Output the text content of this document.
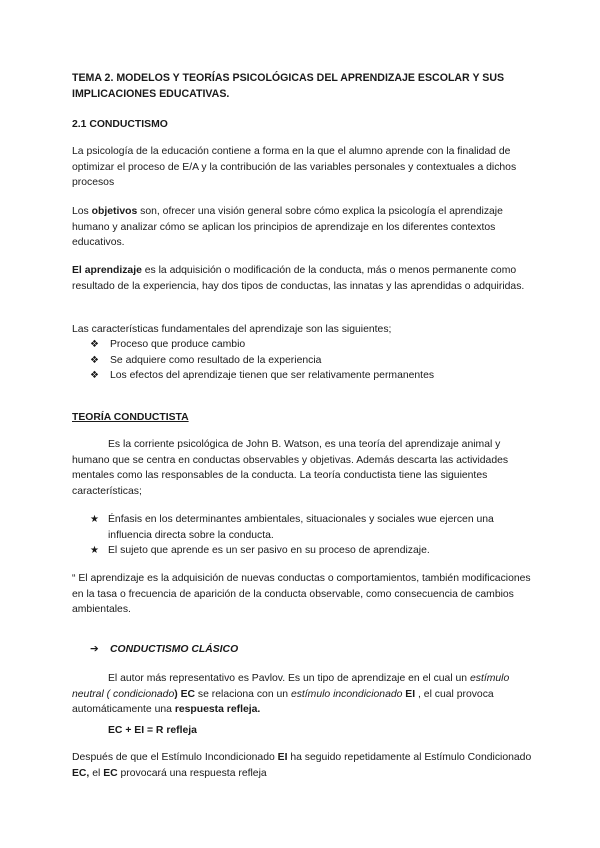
TEMA 2. MODELOS Y TEORÍAS PSICOLÓGICAS DEL APRENDIZAJE ESCOLAR Y SUS IMPLICACIONES EDUCATIVAS.
2.1 CONDUCTISMO
La psicología de la educación contiene a forma en la que el alumno aprende con la finalidad de optimizar el proceso de E/A y la contribución de las variables personales y contextuales a dichos procesos
Los objetivos son, ofrecer una visión general sobre cómo explica la psicología el aprendizaje humano y analizar cómo se aplican los principios de aprendizaje en los diferentes contextos educativos.
El aprendizaje es la adquisición o modificación de la conducta, más o menos permanente como resultado de la experiencia, hay dos tipos de conductas, las innatas y las aprendidas o adquiridas.
Las características fundamentales del aprendizaje son las siguientes;
❖ Proceso que produce cambio
❖ Se adquiere como resultado de la experiencia
❖ Los efectos del aprendizaje tienen que ser relativamente permanentes
TEORÍA CONDUCTISTA
Es la corriente psicológica de John B. Watson, es una teoría del aprendizaje animal y humano que se centra en conductas observables y objetivas. Además descarta las actividades mentales como las responsables de la conducta. La teoría conductista tiene las siguientes características;
★ Énfasis en los determinantes ambientales, situacionales y sociales wue ejercen una influencia directa sobre la conducta.
★ El sujeto que aprende es un ser pasivo en su proceso de aprendizaje.
“ El aprendizaje es la adquisición de nuevas conductas o comportamientos, también modificaciones en la tasa o frecuencia de aparición de la conducta observable, como consecuencia de cambios ambientales.
➔ CONDUCTISMO CLÁSICO
El autor más representativo es Pavlov. Es un tipo de aprendizaje en el cual un estímulo neutral ( condicionado) EC se relaciona con un estímulo incondicionado EI , el cual provoca automáticamente una respuesta refleja.
EC + EI = R refleja
Después de que el Estímulo Incondicionado EI ha seguido repetidamente al Estímulo Condicionado EC, el EC provocará una respuesta refleja
